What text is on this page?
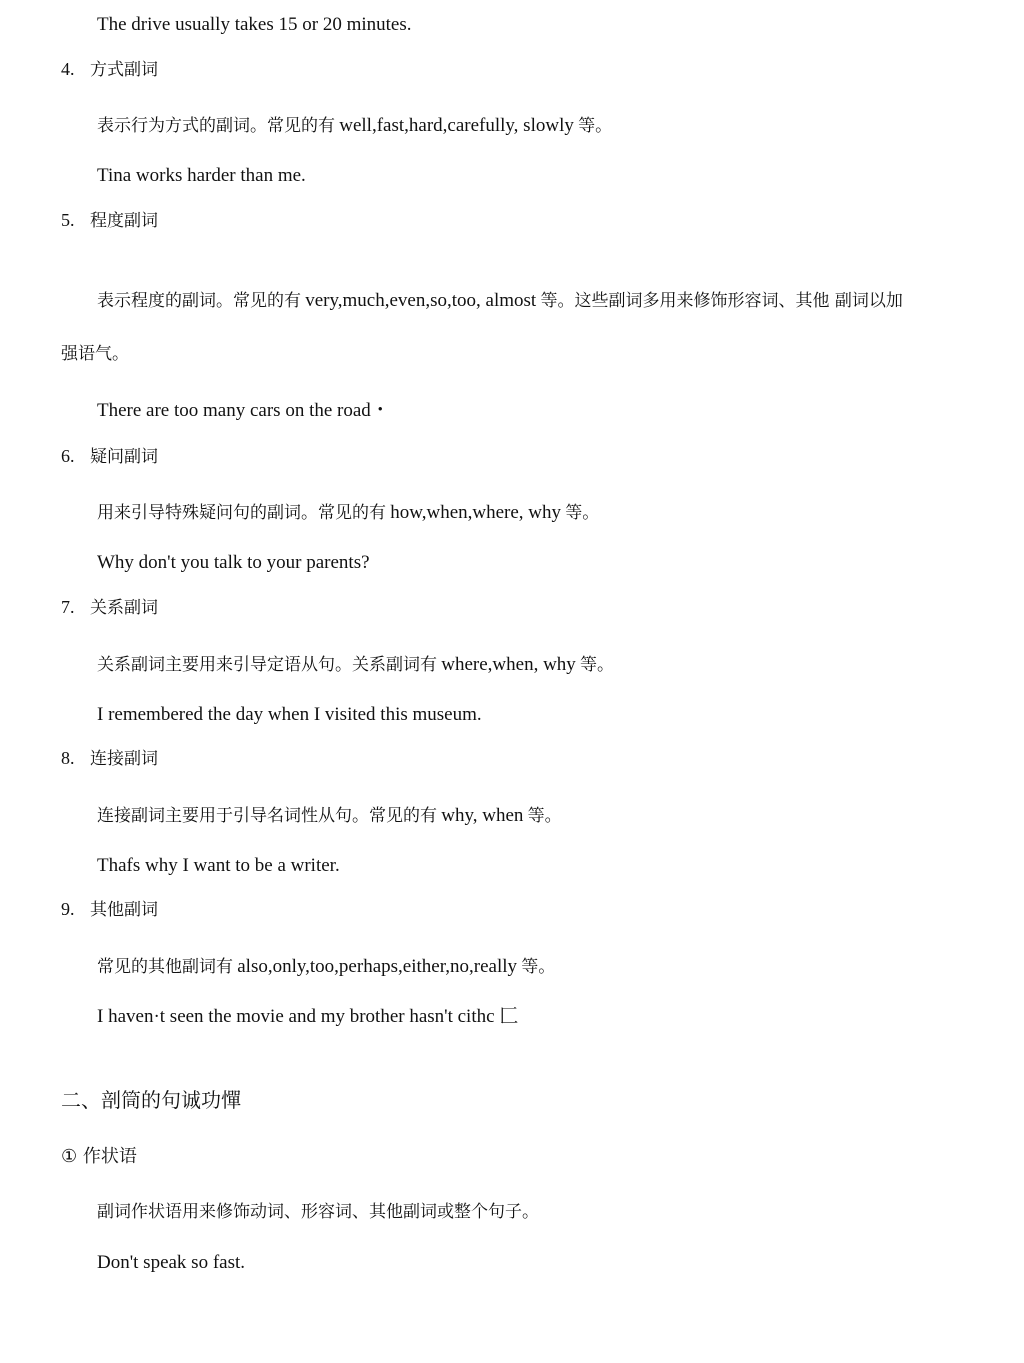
The drive usually takes 15 or 20 minutes.
4. 方式副词
表示行为方式的副词。常见的有 well,fast,hard,carefully, slowly 等。
Tina works harder than me.
5. 程度副词
表示程度的副词。常见的有 very,much,even,so,too, almost 等。这些副词多用来修饰形容词、其他 副词以加
强语气。
There are too many cars on the road・
6. 疑问副词
用来引导特殊疑问句的副词。常见的有 how,when,where, why 等。
Why don't you talk to your parents?
7. 关系副词
关系副词主要用来引导定语从句。关系副词有 where,when, why 等。
I remembered the day when I visited this museum.
8. 连接副词
连接副词主要用于引导名词性从句。常见的有 why, when 等。
Thafs why I want to be a writer.
9. 其他副词
常见的其他副词有 also,only,too,perhaps,either,no,really 等。
I haven·t seen the movie and my brother hasn't cithc 匚
二、剖筒的句诚功憚
① 作状语
副词作状语用来修饰动词、形容词、其他副词或整个句子。
Don't speak so fast.
